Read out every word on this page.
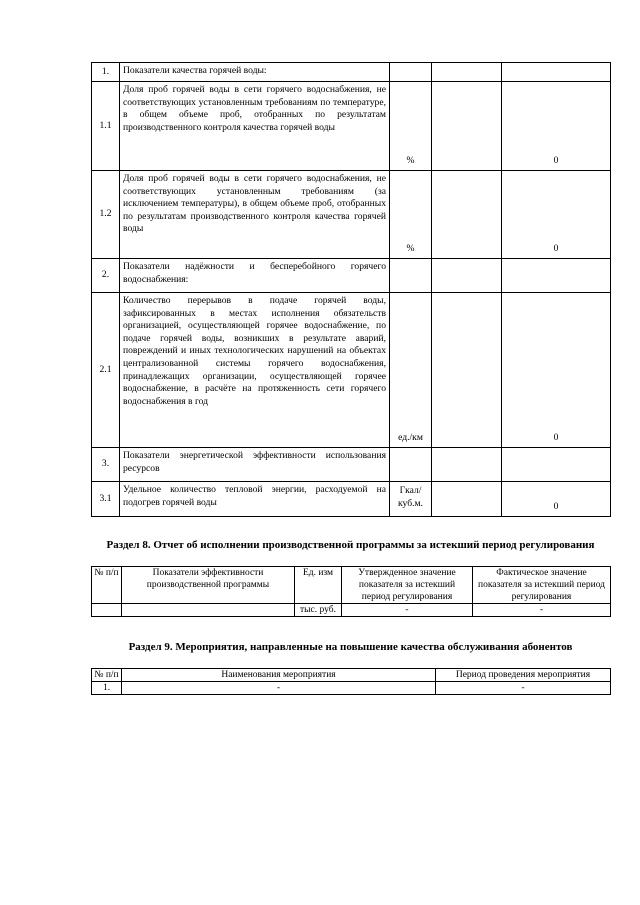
1.	Показатели качества горячей воды:			
1.1	Доля проб горячей воды в сети горячего водоснабжения, не соответствующих установленным требованиям по температуре, в общем объеме проб, отобранных по результатам производственного контроля качества горячей воды	%		0
1.2	Доля проб горячей воды в сети горячего водоснабжения, не соответствующих установленным требованиям (за исключением температуры), в общем объеме проб, отобранных по результатам производственного контроля качества горячей воды	%		0
2.	Показатели надёжности и бесперебойного горячего водоснабжения:			
2.1	Количество перерывов в подаче горячей воды, зафиксированных в местах исполнения обязательств организацией, осуществляющей горячее водоснабжение, по подаче горячей воды, возникших в результате аварий, повреждений и иных технологических нарушений на объектах централизованной системы горячего водоснабжения, принадлежащих организации, осуществляющей горячее водоснабжение, в расчёте на протяженность сети горячего водоснабжения в год	ед./км		0
3.	Показатели энергетической эффективности использования ресурсов			
3.1	Удельное количество тепловой энергии, расходуемой на подогрев горячей воды	Гкал/ куб.м.		0
Раздел 8. Отчет об исполнении производственной программы за истекший период регулирования
№ п/п	Показатели эффективности производственной программы	Ед. изм	Утвержденное значение показателя за истекший период регулирования	Фактическое значение показателя за истекший период регулирования
		тыс. руб.	-	-
Раздел 9. Мероприятия, направленные на повышение качества обслуживания абонентов
№ п/п	Наименования мероприятия	Период проведения мероприятия
1.	-	-
